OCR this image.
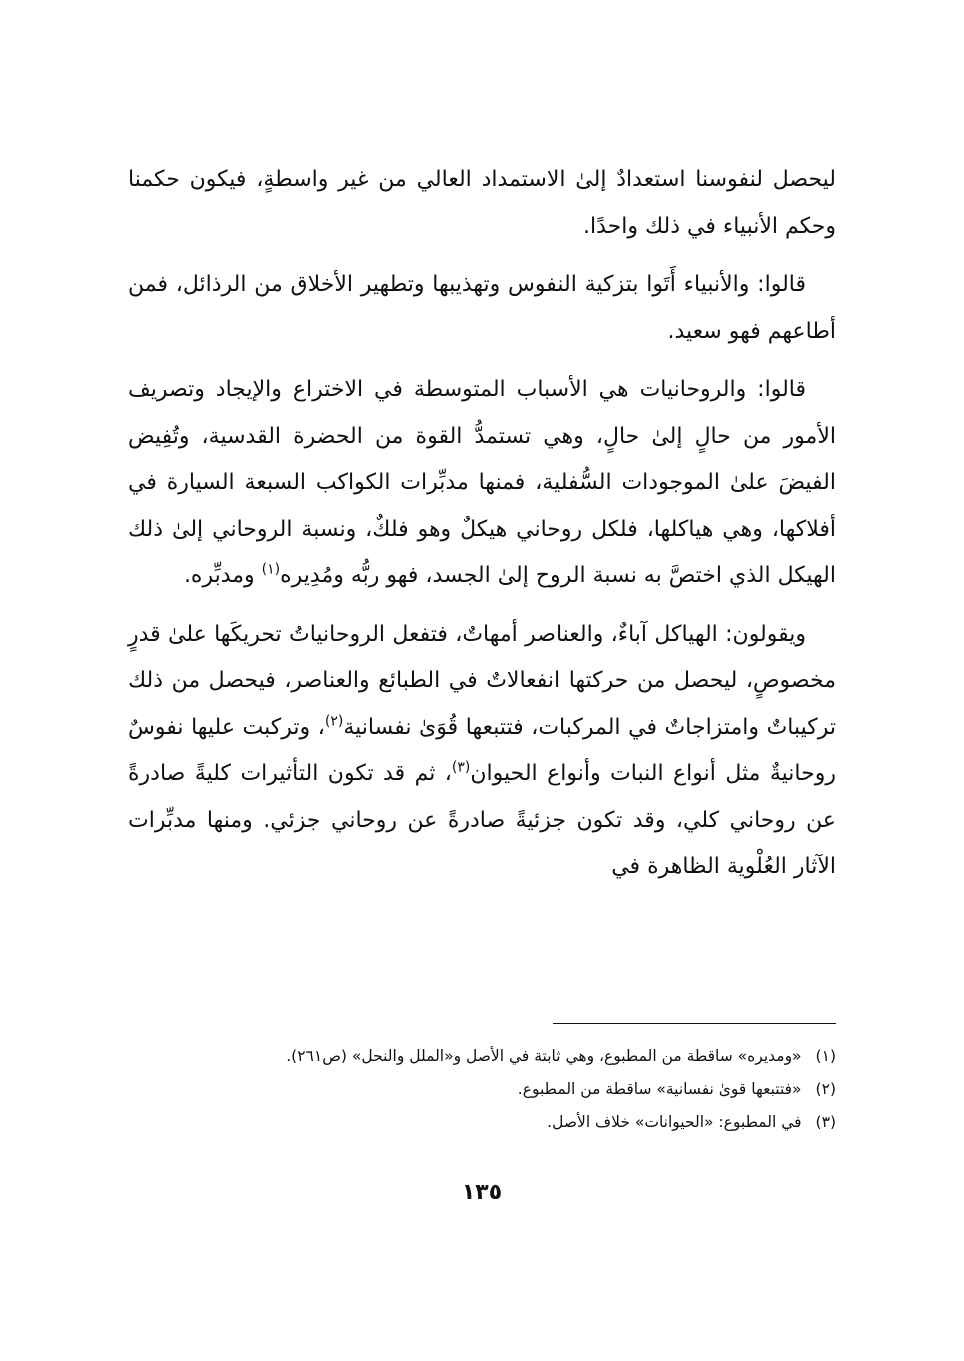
ليحصل لنفوسنا استعدادٌ إلىٰ الاستمداد العالي من غير واسطةٍ، فيكون حكمنا وحكم الأنبياء في ذلك واحدًا.

قالوا: والأنبياء أَتَوا بتزكية النفوس وتهذيبها وتطهير الأخلاق من الرذائل، فمن أطاعهم فهو سعيد.

قالوا: والروحانيات هي الأسباب المتوسطة في الاختراع والإيجاد وتصريف الأمور من حالٍ إلىٰ حالٍ، وهي تستمدُّ القوة من الحضرة القدسية، وتُفِيض الفيضَ علىٰ الموجودات السُّفلية، فمنها مدبِّرات الكواكب السبعة السيارة في أفلاكها، وهي هياكلها، فلكل روحاني هيكلٌ وهو فلكٌ، ونسبة الروحاني إلىٰ ذلك الهيكل الذي اختصَّ به نسبة الروح إلىٰ الجسد، فهو ربُّه ومُدِيره$^{(١)}$ ومدبِّره.

ويقولون: الهياكل آباءٌ، والعناصر أمهاتٌ، فتفعل الروحانياتُ تحريكَها علىٰ قدرٍ مخصوصٍ، ليحصل من حركتها انفعالاتٌ في الطبائع والعناصر، فيحصل من ذلك تركيباتٌ وامتزاجاتٌ في المركبات، فتتبعها قُوَىٰ نفسانية$^{(٢)}$، وتركبت عليها نفوسٌ روحانيةٌ مثل أنواع النبات وأنواع الحيوان$^{(٣)}$، ثم قد تكون التأثيرات كليةً صادرةً عن روحاني كلي، وقد تكون جزئيةً صادرةً عن روحاني جزئي. ومنها مدبِّرات الآثار العُلْوية الظاهرة في

(١)«ومديره» ساقطة من المطبوع، وهي ثابتة في الأصل و«الملل والنحل» (ص٢٦١).

(٢)«فتتبعها قوىٰ نفسانية» ساقطة من المطبوع.

(٣)في المطبوع: «الحيوانات» خلاف الأصل.

١٣٥
